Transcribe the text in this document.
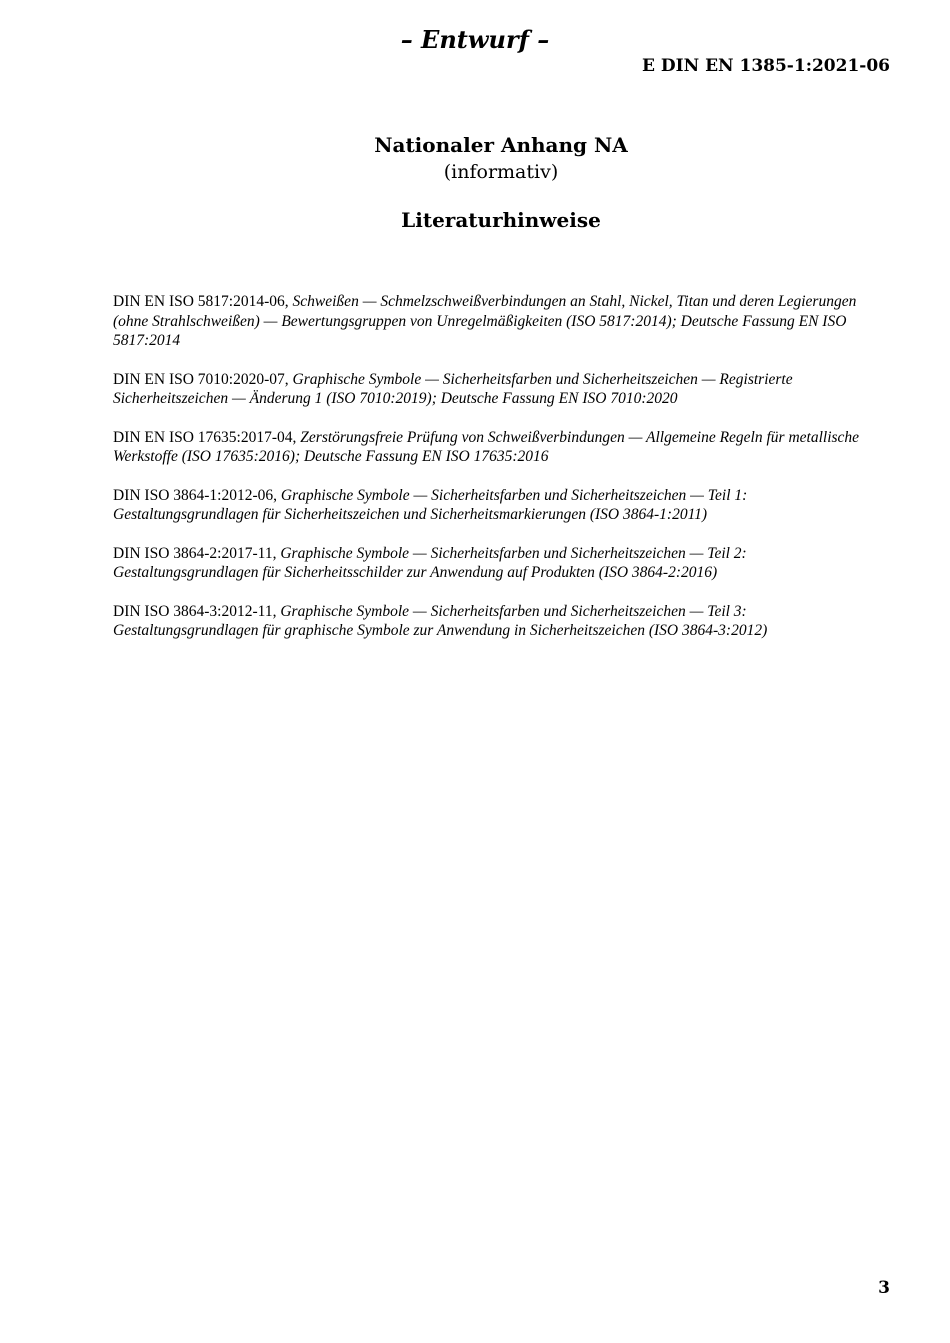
– Entwurf –
E DIN EN 1385-1:2021-06
Nationaler Anhang NA
(informativ)
Literaturhinweise
DIN EN ISO 5817:2014-06, Schweißen — Schmelzschweißverbindungen an Stahl, Nickel, Titan und deren Legierungen (ohne Strahlschweißen) — Bewertungsgruppen von Unregelmäßigkeiten (ISO 5817:2014); Deutsche Fassung EN ISO 5817:2014
DIN EN ISO 7010:2020-07, Graphische Symbole — Sicherheitsfarben und Sicherheitszeichen — Registrierte Sicherheitszeichen — Änderung 1 (ISO 7010:2019); Deutsche Fassung EN ISO 7010:2020
DIN EN ISO 17635:2017-04, Zerstörungsfreie Prüfung von Schweißverbindungen — Allgemeine Regeln für metallische Werkstoffe (ISO 17635:2016); Deutsche Fassung EN ISO 17635:2016
DIN ISO 3864-1:2012-06, Graphische Symbole — Sicherheitsfarben und Sicherheitszeichen — Teil 1: Gestaltungsgrundlagen für Sicherheitszeichen und Sicherheitsmarkierungen (ISO 3864-1:2011)
DIN ISO 3864-2:2017-11, Graphische Symbole — Sicherheitsfarben und Sicherheitszeichen — Teil 2: Gestaltungsgrundlagen für Sicherheitsschilder zur Anwendung auf Produkten (ISO 3864-2:2016)
DIN ISO 3864-3:2012-11, Graphische Symbole — Sicherheitsfarben und Sicherheitszeichen — Teil 3: Gestaltungsgrundlagen für graphische Symbole zur Anwendung in Sicherheitszeichen (ISO 3864-3:2012)
3
